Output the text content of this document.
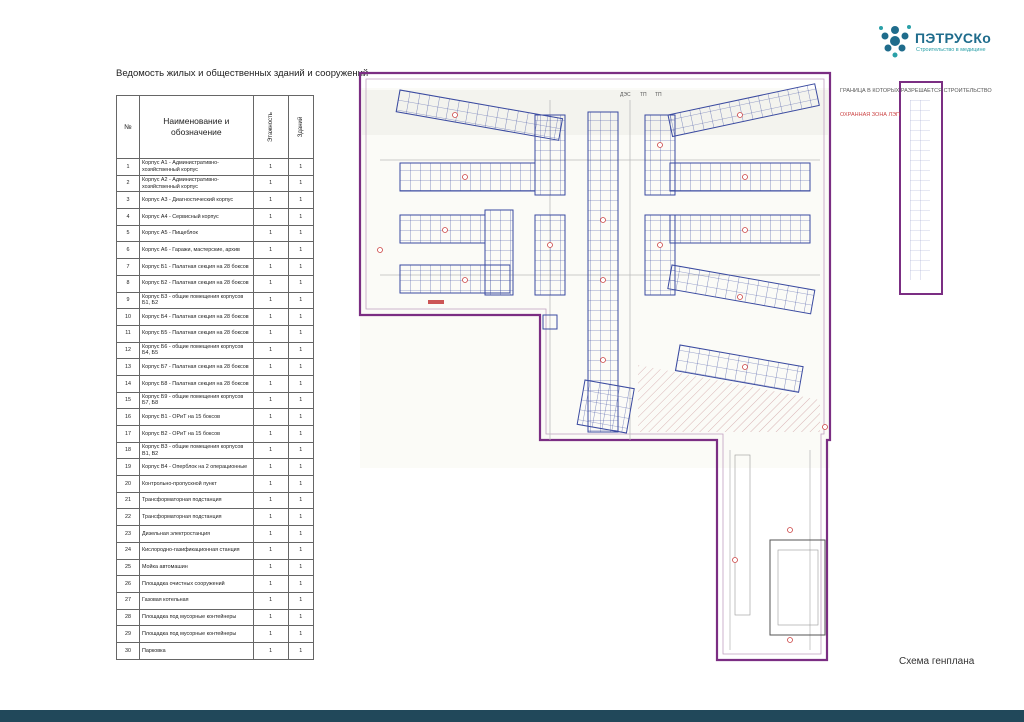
Ведомость жилых и общественных зданий и сооружений
№	Наименование и обозначение	Этажность	Зданий
1	Корпус А1 - Административно-хозяйственный корпус	1	1
2	Корпус А2 - Административно-хозяйственный корпус	1	1
3	Корпус А3 - Диагностический корпус	1	1
4	Корпус А4 - Сервисный корпус	1	1
5	Корпус А5 - Пищеблок	1	1
6	Корпус А6 - Гаражи, мастерские, архив	1	1
7	Корпус Б1 - Палатная секция на 28 боксов	1	1
8	Корпус Б2 - Палатная секция на 28 боксов	1	1
9	Корпус Б3 - общие помещения корпусов Б1, Б2	1	1
10	Корпус Б4 - Палатная секция на 28 боксов	1	1
11	Корпус Б5 - Палатная секция на 28 боксов	1	1
12	Корпус Б6 - общие помещения корпусов Б4, Б5	1	1
13	Корпус Б7 - Палатная секция на 28 боксов	1	1
14	Корпус Б8 - Палатная секция на 28 боксов	1	1
15	Корпус Б9 - общие помещения корпусов Б7, Б8	1	1
16	Корпус В1 - ОРиТ на 15 боксов	1	1
17	Корпус В2 - ОРиТ на 15 боксов	1	1
18	Корпус В3 - общие помещения корпусов В1, В2	1	1
19	Корпус В4 - Оперблок на 2 операционные	1	1
20	Контрольно-пропускной пункт	1	1
21	Трансформаторная подстанция	1	1
22	Трансформаторная подстанция	1	1
23	Дизельная электростанция	1	1
24	Кислородно-газификационная станция	1	1
25	Мойка автомашин	1	1
26	Площадка очистных сооружений	1	1
27	Газовая котельная	1	1
28	Площадка под мусорные контейнеры	1	1
29	Площадка под мусорные контейнеры	1	1
30	Парковка	1	1
ПЭТРУСКо
Строительство в медицине
ГРАНИЦА В КОТОРЫХ РАЗРЕШАЕТСЯ СТРОИТЕЛЬСТВО
ОХРАННАЯ ЗОНА ЛЭП
ДЭС ТП ТП
Схема генплана
